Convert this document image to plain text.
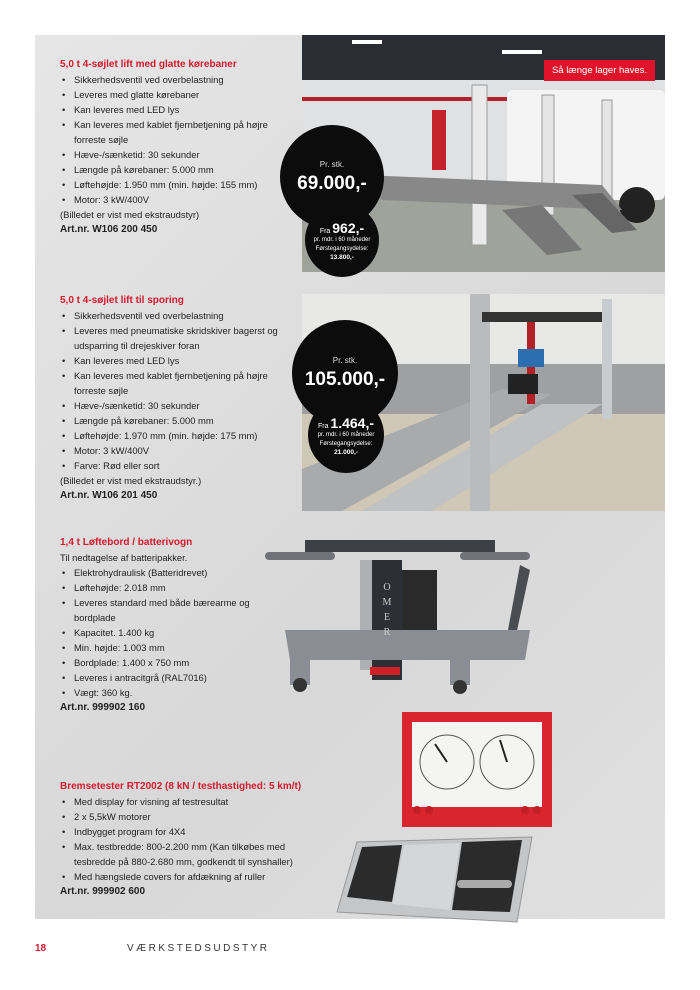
5,0 t 4-søjlet lift med glatte kørebaner
• Sikkerhedsventil ved overbelastning
• Leveres med glatte kørebaner
• Kan leveres med LED lys
• Kan leveres med kablet fjernbetjening på højre forreste søjle
• Hæve-/sænketid: 30 sekunder
• Længde på kørebaner: 5.000 mm
• Løftehøjde: 1.950 mm (min. højde: 155 mm)
• Motor: 3 kW/400V
(Billedet er vist med ekstraudstyr)
Art.nr. W106 200 450
Så længe lager haves.
Pr. stk.
69.000,-
Fra 962,-
pr. mdr. i 60 måneder
Førstegangsydelse:
13.800,-
5,0 t 4-søjlet lift til sporing
• Sikkerhedsventil ved overbelastning
• Leveres med pneumatiske skridskiver bagerst og udsparring til drejeskiver foran
• Kan leveres med LED lys
• Kan leveres med kablet fjernbetjening på højre forreste søjle
• Hæve-/sænketid: 30 sekunder
• Længde på kørebaner: 5.000 mm
• Løftehøjde: 1.970 mm (min. højde: 175 mm)
• Motor: 3 kW/400V
• Farve: Rød eller sort
(Billedet er vist med ekstraudstyr.)
Art.nr. W106 201 450
Pr. stk.
105.000,-
Fra 1.464,-
pr. mdr. i 60 måneder
Førstegangsydelse:
21.000,-
1,4 t Løftebord / batterivogn
Til nedtagelse af batteripakker.
• Elektrohydraulisk (Batteridrevet)
• Løftehøjde: 2.018 mm
• Leveres standard med både bærearme og bordplade
• Kapacitet. 1.400 kg
• Min. højde: 1.003 mm
• Bordplade: 1.400 x 750 mm
• Leveres i antracitgrå (RAL7016)
• Vægt: 360 kg.
Art.nr. 999902 160
OMER
Bremsetester RT2002 (8 kN / testhastighed: 5 km/t)
• Med display for visning af testresultat
• 2 x 5,5kW motorer
• Indbygget program for 4X4
• Max. testbredde: 800-2.200 mm (Kan tilkøbes med tesbredde på 880-2.680 mm, godkendt til synshaller)
• Med hængslede covers for afdækning af ruller
Art.nr. 999902 600
18	VÆRKSTEDSUDSTYR
